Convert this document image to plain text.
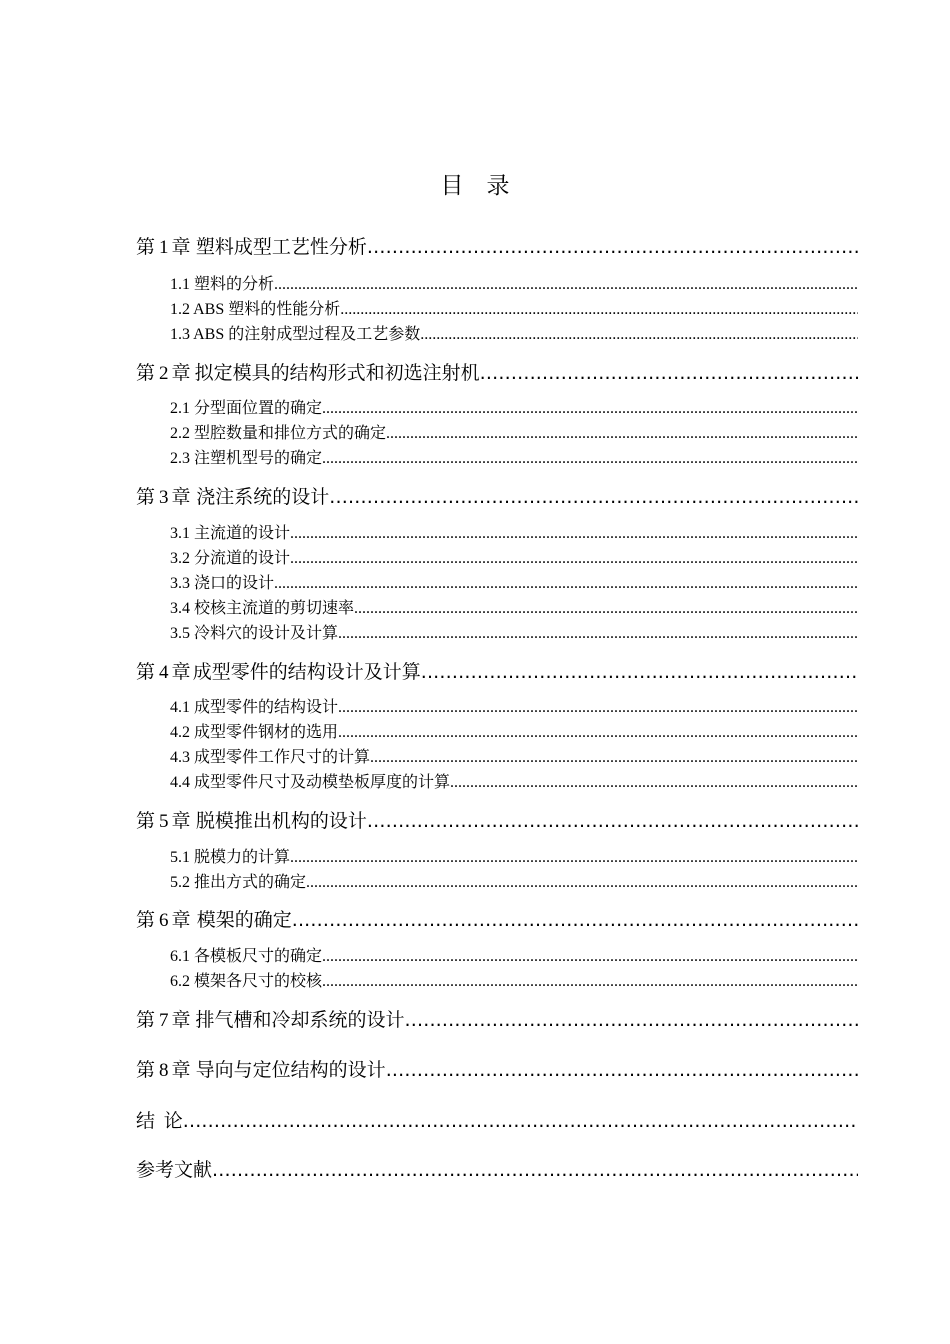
目　录
第 1 章 塑料成型工艺性分析
.....
1.1 塑料的分析
.....
1.2 ABS 塑料的性能分析
.....
1.3 ABS 的注射成型过程及工艺参数
.....
第 2 章 拟定模具的结构形式和初选注射机
.....
2.1 分型面位置的确定
.....
2.2 型腔数量和排位方式的确定
.....
2.3 注塑机型号的确定
.....
第 3 章 浇注系统的设计
.....
3.1 主流道的设计
.....
3.2 分流道的设计
.....
3.3 浇口的设计
.....
3.4 校核主流道的剪切速率
.....
3.5 冷料穴的设计及计算
.....
第 4 章 成型零件的结构设计及计算
.....
4.1 成型零件的结构设计
.....
4.2 成型零件钢材的选用
.....
4.3 成型零件工作尺寸的计算
.....
4.4 成型零件尺寸及动模垫板厚度的计算
.....
第 5 章 脱模推出机构的设计
.....
5.1 脱模力的计算
.....
5.2 推出方式的确定
.....
第 6 章 模架的确定
.....
6.1 各模板尺寸的确定
.....
6.2 模架各尺寸的校核
.....
第 7 章 排气槽和冷却系统的设计
.....
第 8 章 导向与定位结构的设计
.....
结 论
.....
参考文献
.....
